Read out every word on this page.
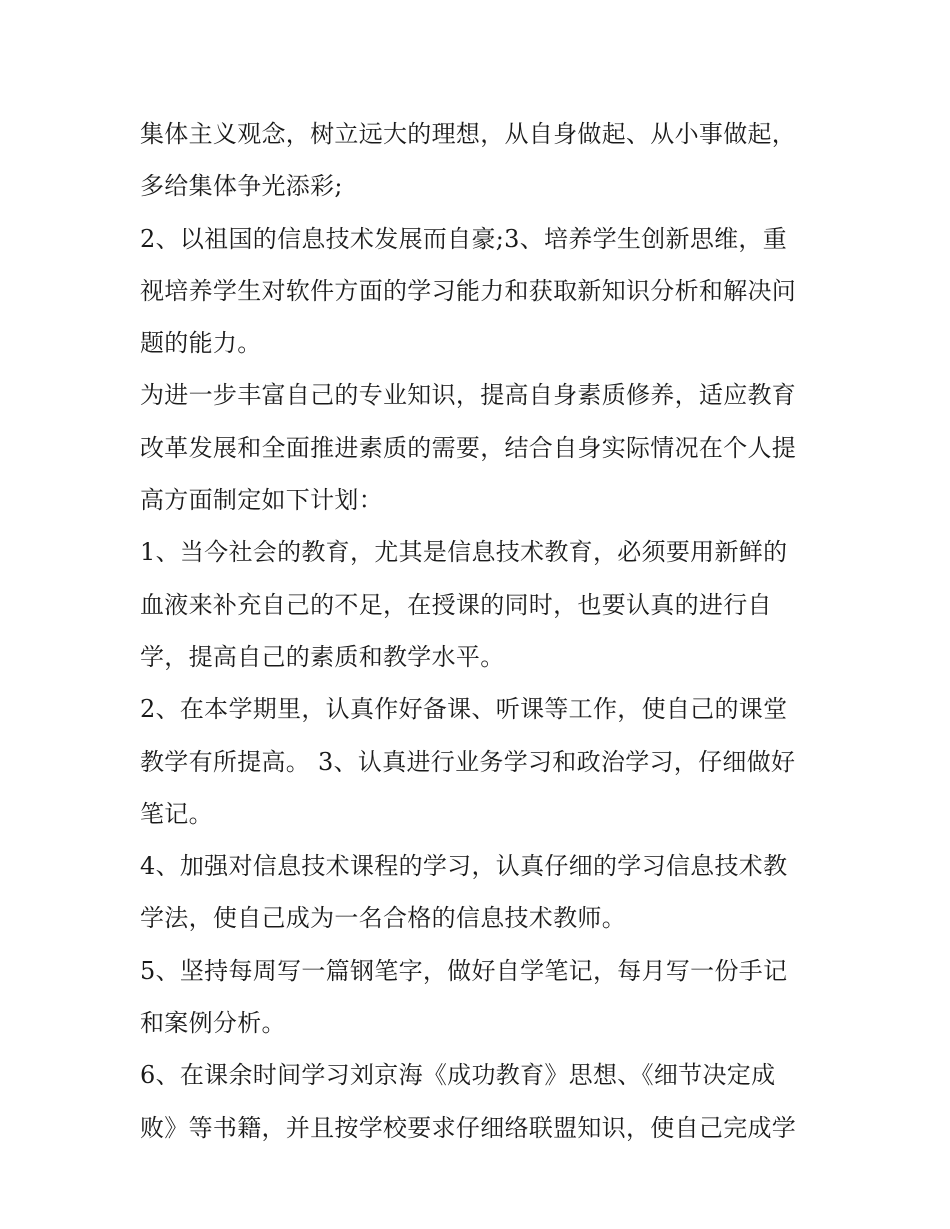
集体主义观念，树立远大的理想，从自身做起、从小事做起，
多给集体争光添彩;
2、以祖国的信息技术发展而自豪;3、培养学生创新思维，重
视培养学生对软件方面的学习能力和获取新知识分析和解决问
题的能力。
为进一步丰富自己的专业知识，提高自身素质修养，适应教育
改革发展和全面推进素质的需要，结合自身实际情况在个人提
高方面制定如下计划：
1、当今社会的教育，尤其是信息技术教育，必须要用新鲜的
血液来补充自己的不足，在授课的同时，也要认真的进行自
学，提高自己的素质和教学水平。
2、在本学期里，认真作好备课、听课等工作，使自己的课堂
教学有所提高。 3、认真进行业务学习和政治学习，仔细做好
笔记。
4、加强对信息技术课程的学习，认真仔细的学习信息技术教
学法，使自己成为一名合格的信息技术教师。
5、坚持每周写一篇钢笔字，做好自学笔记，每月写一份手记
和案例分析。
6、在课余时间学习刘京海《成功教育》思想、《细节决定成
败》等书籍，并且按学校要求仔细络联盟知识，使自己完成学
